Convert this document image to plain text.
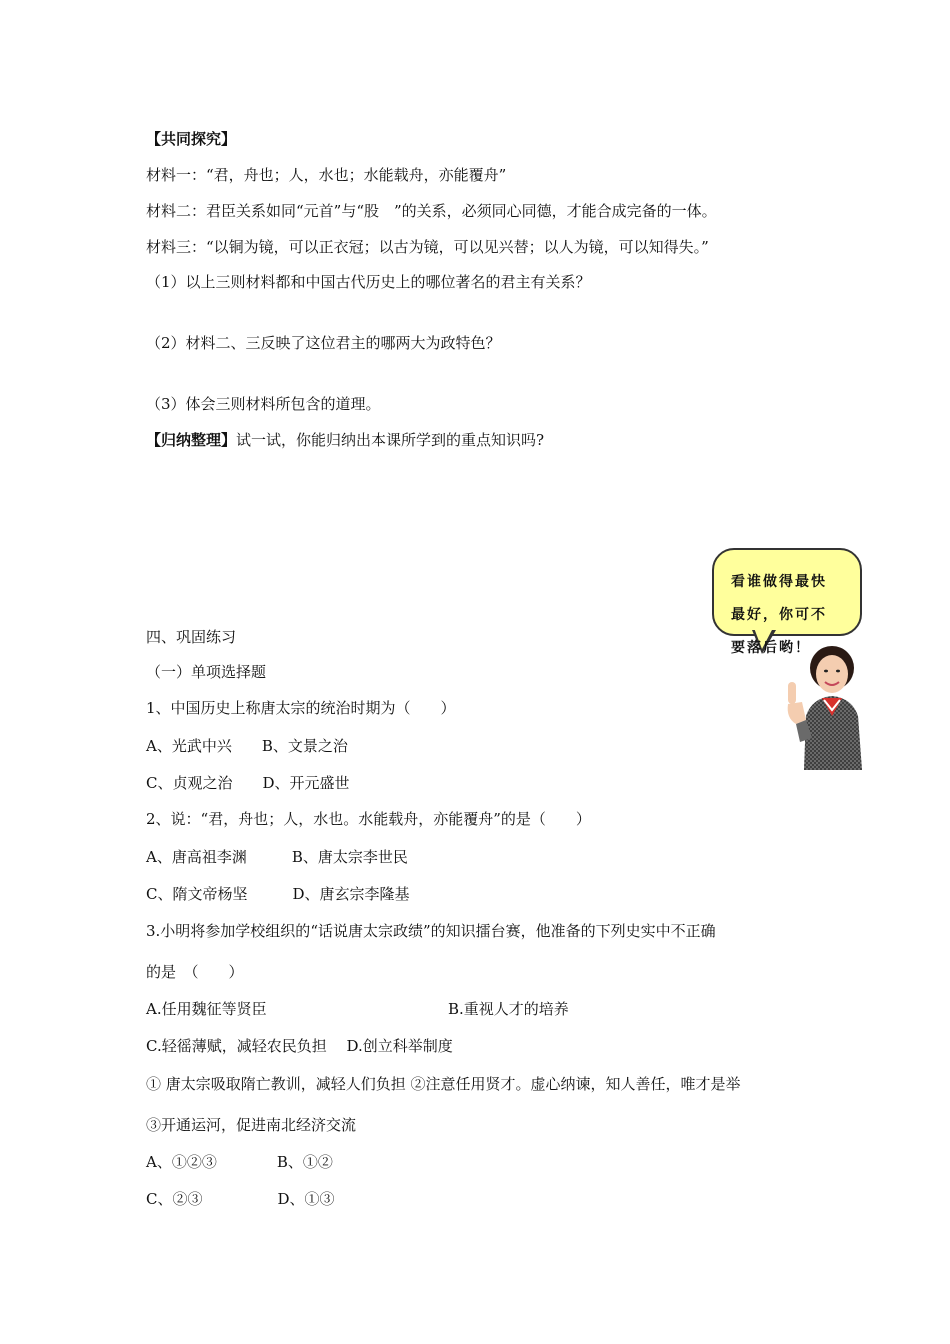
【共同探究】
材料一：“君，舟也；人，水也；水能载舟，亦能覆舟”
材料二：君臣关系如同“元首”与“股　”的关系，必须同心同德，才能合成完备的一体。
材料三：“以铜为镜，可以正衣冠；以古为镜，可以见兴替；以人为镜，可以知得失。”
（1）以上三则材料都和中国古代历史上的哪位著名的君主有关系？
（2）材料二、三反映了这位君主的哪两大为政特色？
（3）体会三则材料所包含的道理。
【归纳整理】试一试，你能归纳出本课所学到的重点知识吗?
看谁做得最快
最好，你可不
要落后哟！
四、巩固练习
（一）单项选择题
1、中国历史上称唐太宗的统治时期为（　　）
A、光武中兴　　B、文景之治
C、贞观之治　　D、开元盛世
2、说：“君，舟也；人，水也。水能载舟，亦能覆舟”的是（　　）
A、唐高祖李渊　　　B、唐太宗李世民
C、隋文帝杨坚　　　D、唐玄宗李隆基
3.小明将参加学校组织的“话说唐太宗政绩”的知识擂台赛，他准备的下列史实中不正确
的是　（　　）
A.任用魏征等贤臣	B.重视人才的培养
C.轻徭薄赋，减轻农民负担　 D.创立科举制度
① 唐太宗吸取隋亡教训，减轻人们负担 ②注意任用贤才。虚心纳谏，知人善任，唯才是举
③开通运河，促进南北经济交流
A、①②③　　　　B、①②
C、②③　　　　　D、①③
